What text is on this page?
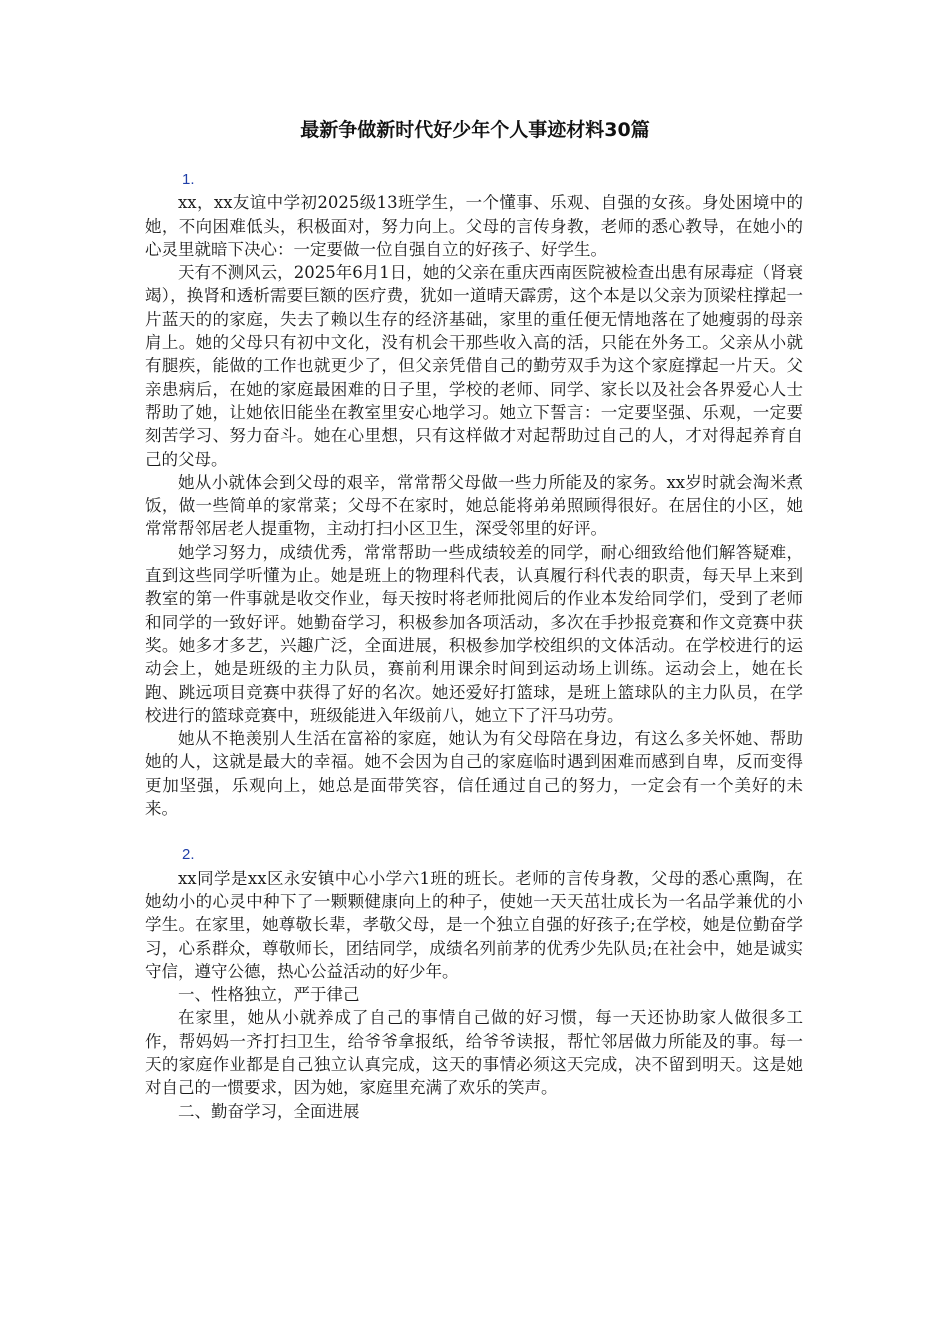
最新争做新时代好少年个人事迹材料30篇
1.

xx，xx友谊中学初2025级13班学生，一个懂事、乐观、自强的女孩。身处困境中的她，不向困难低头，积极面对，努力向上。父母的言传身教，老师的悉心教导，在她小的心灵里就暗下决心：一定要做一位自强自立的好孩子、好学生。

天有不测风云，2025年6月1日，她的父亲在重庆西南医院被检查出患有尿毒症（肾衰竭），换肾和透析需要巨额的医疗费，犹如一道晴天霹雳，这个本是以父亲为顶梁柱撑起一片蓝天的的家庭，失去了赖以生存的经济基础，家里的重任便无情地落在了她瘦弱的母亲肩上。她的父母只有初中文化，没有机会干那些收入高的活，只能在外务工。父亲从小就有腿疾，能做的工作也就更少了，但父亲凭借自己的勤劳双手为这个家庭撑起一片天。父亲患病后，在她的家庭最困难的日子里，学校的老师、同学、家长以及社会各界爱心人士帮助了她，让她依旧能坐在教室里安心地学习。她立下誓言：一定要坚强、乐观，一定要刻苦学习、努力奋斗。她在心里想，只有这样做才对起帮助过自己的人，才对得起养育自己的父母。

她从小就体会到父母的艰辛，常常帮父母做一些力所能及的家务。xx岁时就会淘米煮饭，做一些简单的家常菜；父母不在家时，她总能将弟弟照顾得很好。在居住的小区，她常常帮邻居老人提重物，主动打扫小区卫生，深受邻里的好评。

她学习努力，成绩优秀，常常帮助一些成绩较差的同学，耐心细致给他们解答疑难，直到这些同学听懂为止。她是班上的物理科代表，认真履行科代表的职责，每天早上来到教室的第一件事就是收交作业，每天按时将老师批阅后的作业本发给同学们，受到了老师和同学的一致好评。她勤奋学习，积极参加各项活动，多次在手抄报竞赛和作文竞赛中获奖。她多才多艺，兴趣广泛，全面进展，积极参加学校组织的文体活动。在学校进行的运动会上，她是班级的主力队员，赛前利用课余时间到运动场上训练。运动会上，她在长跑、跳远项目竞赛中获得了好的名次。她还爱好打篮球，是班上篮球队的主力队员，在学校进行的篮球竞赛中，班级能进入年级前八，她立下了汗马功劳。

她从不艳羡别人生活在富裕的家庭，她认为有父母陪在身边，有这么多关怀她、帮助她的人，这就是最大的幸福。她不会因为自己的家庭临时遇到困难而感到自卑，反而变得更加坚强，乐观向上，她总是面带笑容，信任通过自己的努力，一定会有一个美好的未来。

2.

xx同学是xx区永安镇中心小学六1班的班长。老师的言传身教，父母的悉心熏陶，在她幼小的心灵中种下了一颗颗健康向上的种子，使她一天天茁壮成长为一名品学兼优的小学生。在家里，她尊敬长辈，孝敬父母，是一个独立自强的好孩子;在学校，她是位勤奋学习，心系群众，尊敬师长，团结同学，成绩名列前茅的优秀少先队员;在社会中，她是诚实守信，遵守公德，热心公益活动的好少年。

一、性格独立，严于律己

在家里，她从小就养成了自己的事情自己做的好习惯，每一天还协助家人做很多工作，帮妈妈一齐打扫卫生，给爷爷拿报纸，给爷爷读报，帮忙邻居做力所能及的事。每一天的家庭作业都是自己独立认真完成，这天的事情必须这天完成，决不留到明天。这是她对自己的一惯要求，因为她，家庭里充满了欢乐的笑声。

二、勤奋学习，全面进展
